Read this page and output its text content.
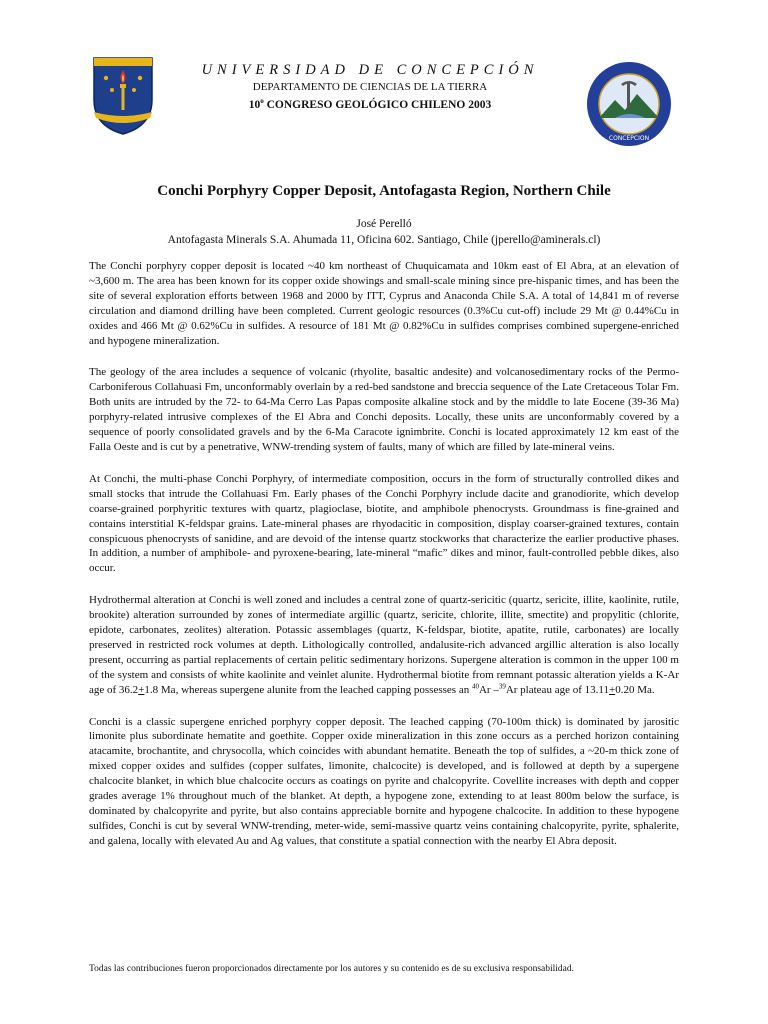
UNIVERSIDAD DE CONCEPCIÓN

DEPARTAMENTO DE CIENCIAS DE LA TIERRA

10$^o$ CONGRESO GEOLÓGICO CHILENO 2003

CONCEPCION
Conchi Porphyry Copper Deposit, Antofagasta Region, Northern Chile
José Perelló
Antofagasta Minerals S.A. Ahumada 11, Oficina 602. Santiago, Chile (jperello@aminerals.cl)

The Conchi porphyry copper deposit is located ~40 km northeast of Chuquicamata and 10km east of El Abra, at an elevation of ~3,600 m. The area has been known for its copper oxide showings and small-scale mining since pre-hispanic times, and has been the site of several exploration efforts between 1968 and 2000 by ITT, Cyprus and Anaconda Chile S.A. A total of 14,841 m of reverse circulation and diamond drilling have been completed. Current geologic resources (0.3%Cu cut-off) include 29 Mt @ 0.44%Cu in oxides and 466 Mt @ 0.62%Cu in sulfides. A resource of 181 Mt @ 0.82%Cu in sulfides comprises combined supergene-enriched and hypogene mineralization.

The geology of the area includes a sequence of volcanic (rhyolite, basaltic andesite) and volcanosedimentary rocks of the Permo-Carboniferous Collahuasi Fm, unconformably overlain by a red-bed sandstone and breccia sequence of the Late Cretaceous Tolar Fm. Both units are intruded by the 72- to 64-Ma Cerro Las Papas composite alkaline stock and by the middle to late Eocene (39-36 Ma) porphyry-related intrusive complexes of the El Abra and Conchi deposits. Locally, these units are unconformably covered by a sequence of poorly consolidated gravels and by the 6-Ma Caracote ignimbrite. Conchi is located approximately 12 km east of the Falla Oeste and is cut by a penetrative, WNW-trending system of faults, many of which are filled by late-mineral veins.

At Conchi, the multi-phase Conchi Porphyry, of intermediate composition, occurs in the form of structurally controlled dikes and small stocks that intrude the Collahuasi Fm. Early phases of the Conchi Porphyry include dacite and granodiorite, which develop coarse-grained porphyritic textures with quartz, plagioclase, biotite, and amphibole phenocrysts. Groundmass is fine-grained and contains interstitial K-feldspar grains. Late-mineral phases are rhyodacitic in composition, display coarser-grained textures, contain conspicuous phenocrysts of sanidine, and are devoid of the intense quartz stockworks that characterize the earlier productive phases. In addition, a number of amphibole- and pyroxene-bearing, late-mineral “mafic” dikes and minor, fault-controlled pebble dikes, also occur.

Hydrothermal alteration at Conchi is well zoned and includes a central zone of quartz-sericitic (quartz, sericite, illite, kaolinite, rutile, brookite) alteration surrounded by zones of intermediate argillic (quartz, sericite, chlorite, illite, smectite) and propylitic (chlorite, epidote, carbonates, zeolites) alteration. Potassic assemblages (quartz, K-feldspar, biotite, apatite, rutile, carbonates) are locally preserved in restricted rock volumes at depth. Lithologically controlled, andalusite-rich advanced argillic alteration is also locally present, occurring as partial replacements of certain pelitic sedimentary horizons. Supergene alteration is common in the upper 100 m of the system and consists of white kaolinite and veinlet alunite. Hydrothermal biotite from remnant potassic alteration yields a K-Ar age of 36.2+1.8 Ma, whereas supergene alunite from the leached capping possesses an $^{40}$Ar –$^{39}$Ar plateau age of 13.11+0.20 Ma.

Conchi is a classic supergene enriched porphyry copper deposit. The leached capping (70-100m thick) is dominated by jarositic limonite plus subordinate hematite and goethite. Copper oxide mineralization in this zone occurs as a perched horizon containing atacamite, brochantite, and chrysocolla, which coincides with abundant hematite. Beneath the top of sulfides, a ~20-m thick zone of mixed copper oxides and sulfides (copper sulfates, limonite, chalcocite) is developed, and is followed at depth by a supergene chalcocite blanket, in which blue chalcocite occurs as coatings on pyrite and chalcopyrite. Covellite increases with depth and copper grades average 1% throughout much of the blanket. At depth, a hypogene zone, extending to at least 800m below the surface, is dominated by chalcopyrite and pyrite, but also contains appreciable bornite and hypogene chalcocite. In addition to these hypogene sulfides, Conchi is cut by several WNW-trending, meter-wide, semi-massive quartz veins containing chalcopyrite, pyrite, sphalerite, and galena, locally with elevated Au and Ag values, that constitute a spatial connection with the nearby El Abra deposit.

Todas las contribuciones fueron proporcionados directamente por los autores y su contenido es de su exclusiva responsabilidad.
